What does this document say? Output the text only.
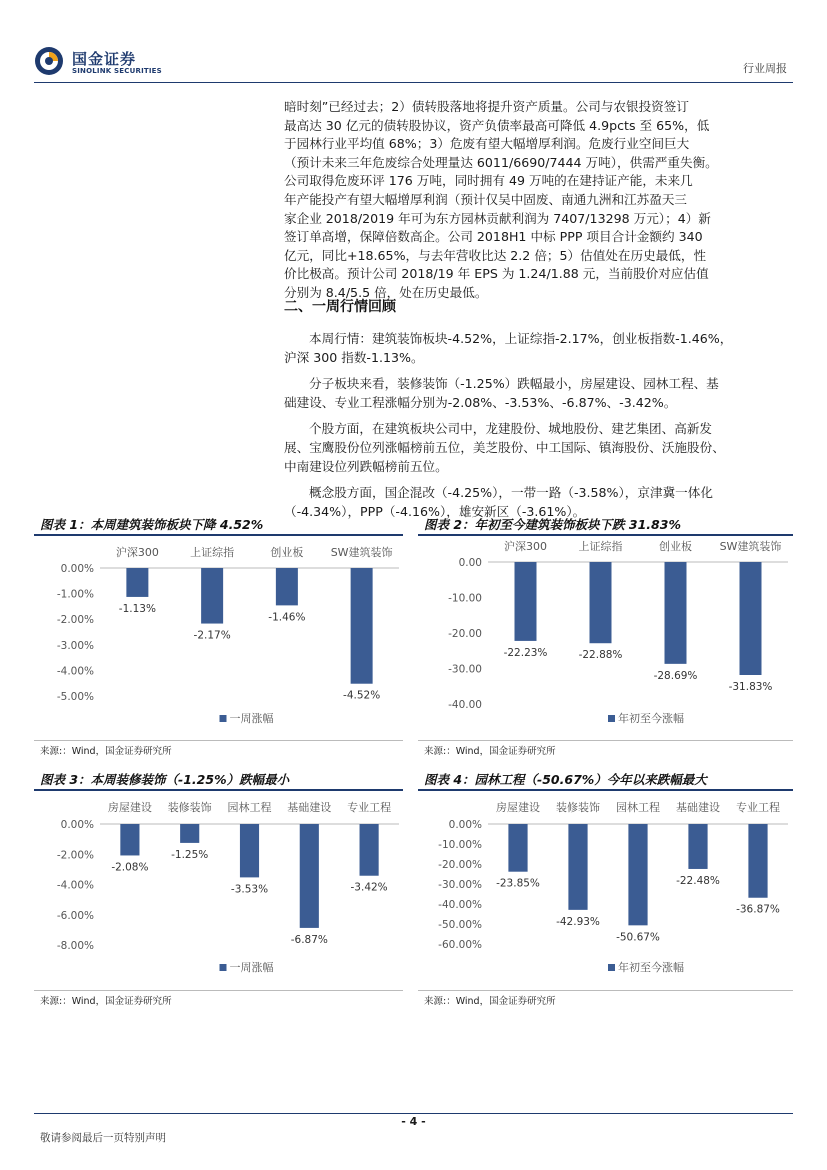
国金证券
SINOLINK SECURITIES	行业周报

暗时刻”已经过去；2）债转股落地将提升资产质量。公司与农银投资签订

最高达 30 亿元的债转股协议，资产负债率最高可降低 4.9pcts 至 65%，低

于园林行业平均值 68%；3）危废有望大幅增厚利润。危废行业空间巨大

（预计未来三年危废综合处理量达 6011/6690/7444 万吨），供需严重失衡。

公司取得危废环评 176 万吨，同时拥有 49 万吨的在建持证产能，未来几

年产能投产有望大幅增厚利润（预计仅吴中固废、南通九洲和江苏盈天三

家企业 2018/2019 年可为东方园林贡献利润为 7407/13298 万元）；4）新

签订单高增，保障倍数高企。公司 2018H1 中标 PPP 项目合计金额约 340

亿元，同比+18.65%，与去年营收比达 2.2 倍；5）估值处在历史最低，性

价比极高。预计公司 2018/19 年 EPS 为 1.24/1.88 元，当前股价对应估值

分别为 8.4/5.5 倍，处在历史最低。

二、一周行情回顾

本周行情：建筑装饰板块-4.52%，上证综指-2.17%，创业板指数-1.46%，

沪深 300 指数-1.13%。

分子板块来看，装修装饰（-1.25%）跌幅最小，房屋建设、园林工程、基

础建设、专业工程涨幅分别为-2.08%、-3.53%、-6.87%、-3.42%。

个股方面，在建筑板块公司中，龙建股份、城地股份、建艺集团、高新发

展、宝鹰股份位列涨幅榜前五位，美芝股份、中工国际、镇海股份、沃施股份、

中南建设位列跌幅榜前五位。

概念股方面，国企混改（-4.25%），一带一路（-3.58%），京津冀一体化

（-4.34%），PPP（-4.16%），雄安新区（-3.61%）。

图表 1：本周建筑装饰板块下降 4.52%
0.00%
-1.00%
-2.00%
-3.00%
-4.00%
-5.00%
沪深300
-1.13%
上证综指
-2.17%
创业板
-1.46%
SW建筑装饰
-4.52%
一周涨幅
来源:：Wind，国金证券研究所
图表 2：年初至今建筑装饰板块下跌 31.83%
0.00
-10.00
-20.00
-30.00
-40.00
沪深300
-22.23%
上证综指
-22.88%
创业板
-28.69%
SW建筑装饰
-31.83%
年初至今涨幅
来源:：Wind，国金证券研究所
图表 3：本周装修装饰（-1.25%）跌幅最小
0.00%
-2.00%
-4.00%
-6.00%
-8.00%
房屋建设
-2.08%
装修装饰
-1.25%
园林工程
-3.53%
基础建设
-6.87%
专业工程
-3.42%
一周涨幅
来源:：Wind，国金证券研究所
图表 4：园林工程（-50.67%）今年以来跌幅最大
0.00%
-10.00%
-20.00%
-30.00%
-40.00%
-50.00%
-60.00%
房屋建设
-23.85%
装修装饰
-42.93%
园林工程
-50.67%
基础建设
-22.48%
专业工程
-36.87%
年初至今涨幅
来源:：Wind，国金证券研究所
- 4 -
敬请参阅最后一页特别声明
